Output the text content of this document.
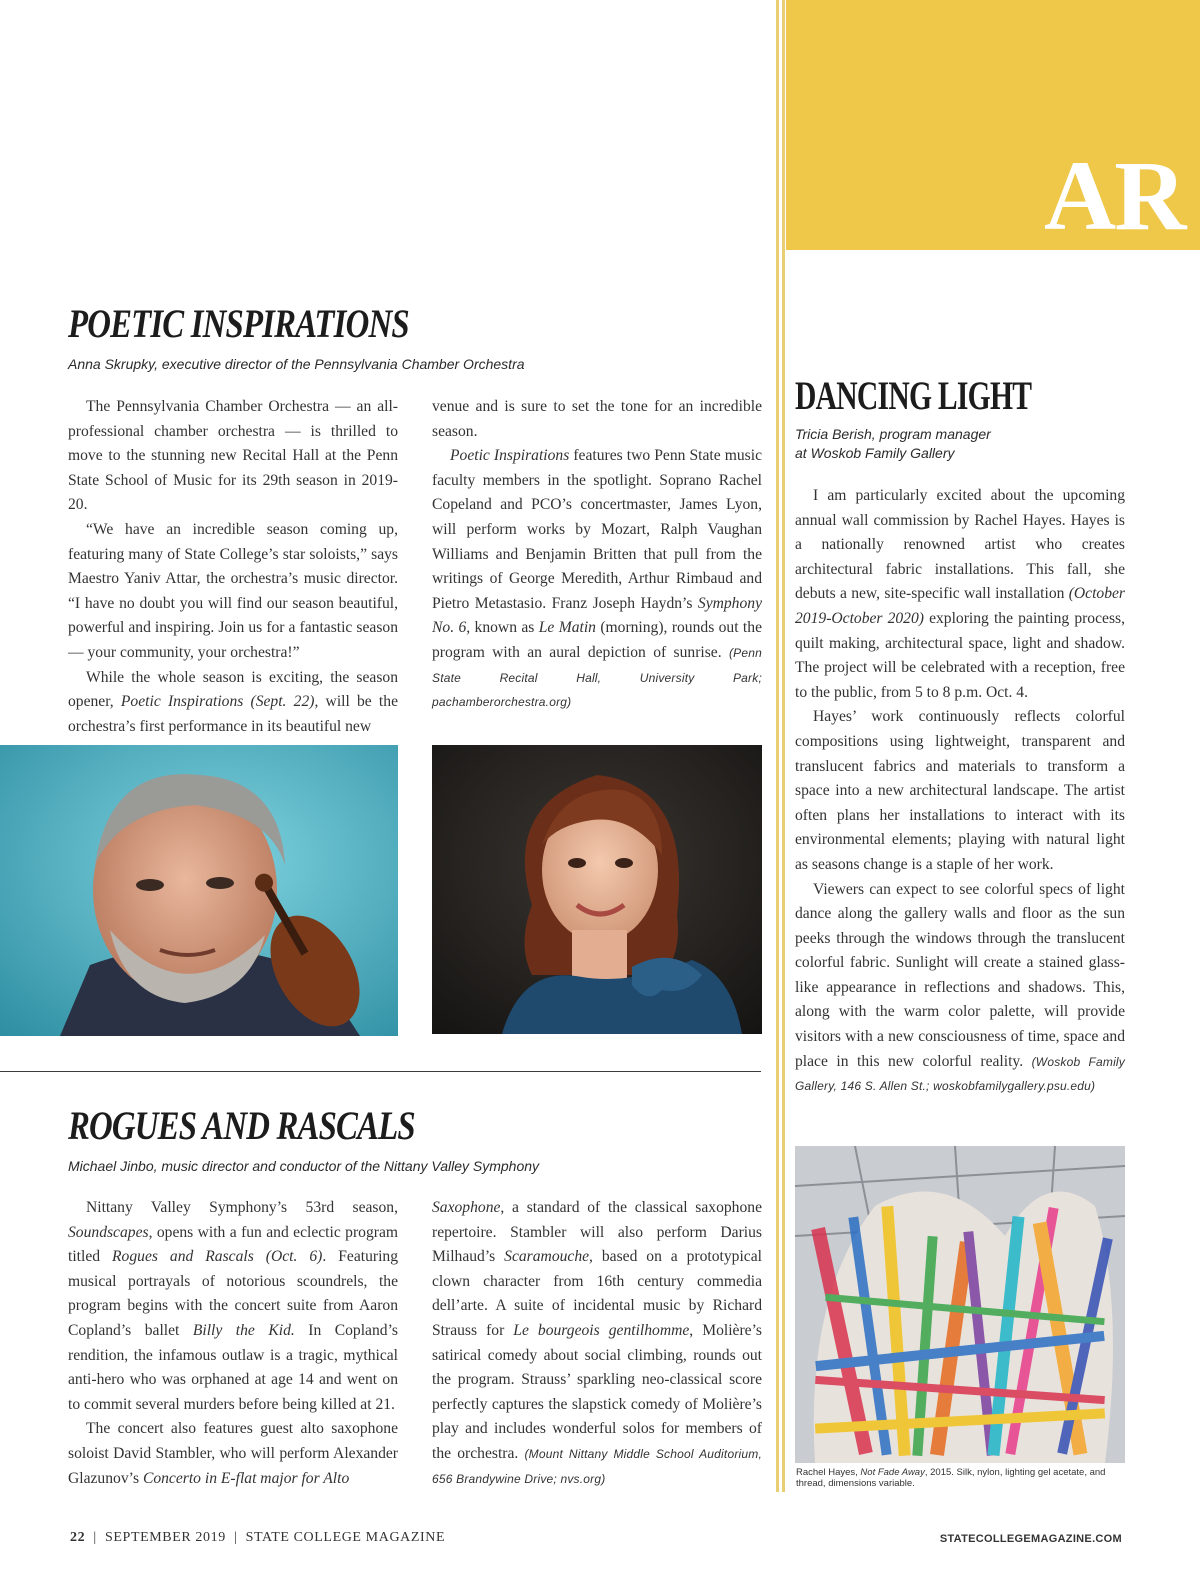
AR
POETIC INSPIRATIONS
Anna Skrupky, executive director of the Pennsylvania Chamber Orchestra

The Pennsylvania Chamber Orchestra — an all-professional chamber orchestra — is thrilled to move to the stunning new Recital Hall at the Penn State School of Music for its 29th season in 2019-20.

“We have an incredible season coming up, featuring many of State College’s star soloists,” says Maestro Yaniv Attar, the orchestra’s music director. “I have no doubt you will find our season beautiful, powerful and inspiring. Join us for a fantastic season — your community, your orchestra!”

While the whole season is exciting, the season opener, Poetic Inspirations (Sept. 22), will be the orchestra’s first performance in its beautiful new

venue and is sure to set the tone for an incredible season.

Poetic Inspirations features two Penn State music faculty members in the spotlight. Soprano Rachel Copeland and PCO’s concertmaster, James Lyon, will perform works by Mozart, Ralph Vaughan Williams and Benjamin Britten that pull from the writings of George Meredith, Arthur Rimbaud and Pietro Metastasio. Franz Joseph Haydn’s Symphony No. 6, known as Le Matin (morning), rounds out the program with an aural depiction of sunrise. (Penn State Recital Hall, University Park; pachamberorchestra.org)

ROGUES AND RASCALS
Michael Jinbo, music director and conductor of the Nittany Valley Symphony

Nittany Valley Symphony’s 53rd season, Soundscapes, opens with a fun and eclectic program titled Rogues and Rascals (Oct. 6). Featuring musical portrayals of notorious scoundrels, the program begins with the concert suite from Aaron Copland’s ballet Billy the Kid. In Copland’s rendition, the infamous outlaw is a tragic, mythical anti-hero who was orphaned at age 14 and went on to commit several murders before being killed at 21.

The concert also features guest alto saxophone soloist David Stambler, who will perform Alexander Glazunov’s Concerto in E-flat major for Alto

Saxophone, a standard of the classical saxophone repertoire. Stambler will also perform Darius Milhaud’s Scaramouche, based on a prototypical clown character from 16th century commedia dell’arte. A suite of incidental music by Richard Strauss for Le bourgeois gentilhomme, Molière’s satirical comedy about social climbing, rounds out the program. Strauss’ sparkling neo-classical score perfectly captures the slapstick comedy of Molière’s play and includes wonderful solos for members of the orchestra. (Mount Nittany Middle School Auditorium, 656 Brandywine Drive; nvs.org)

DANCING LIGHT
Tricia Berish, program manager
at Woskob Family Gallery

I am particularly excited about the upcoming annual wall commission by Rachel Hayes. Hayes is a nationally renowned artist who creates architectural fabric installations. This fall, she debuts a new, site-specific wall installation (October 2019-October 2020) exploring the painting process, quilt making, architectural space, light and shadow. The project will be celebrated with a reception, free to the public, from 5 to 8 p.m. Oct. 4.

Hayes’ work continuously reflects colorful compositions using lightweight, transparent and translucent fabrics and materials to transform a space into a new architectural landscape. The artist often plans her installations to interact with its environmental elements; playing with natural light as seasons change is a staple of her work.

Viewers can expect to see colorful specs of light dance along the gallery walls and floor as the sun peeks through the windows through the translucent colorful fabric. Sunlight will create a stained glass-like appearance in reflections and shadows. This, along with the warm color palette, will provide visitors with a new consciousness of time, space and place in this new colorful reality. (Woskob Family Gallery, 146 S. Allen St.; woskobfamilygallery.psu.edu)

Rachel Hayes, Not Fade Away, 2015. Silk, nylon, lighting gel acetate, and thread, dimensions variable.
22 | SEPTEMBER 2019 | STATE COLLEGE MAGAZINE	STATECOLLEGEMAGAZINE.COM
